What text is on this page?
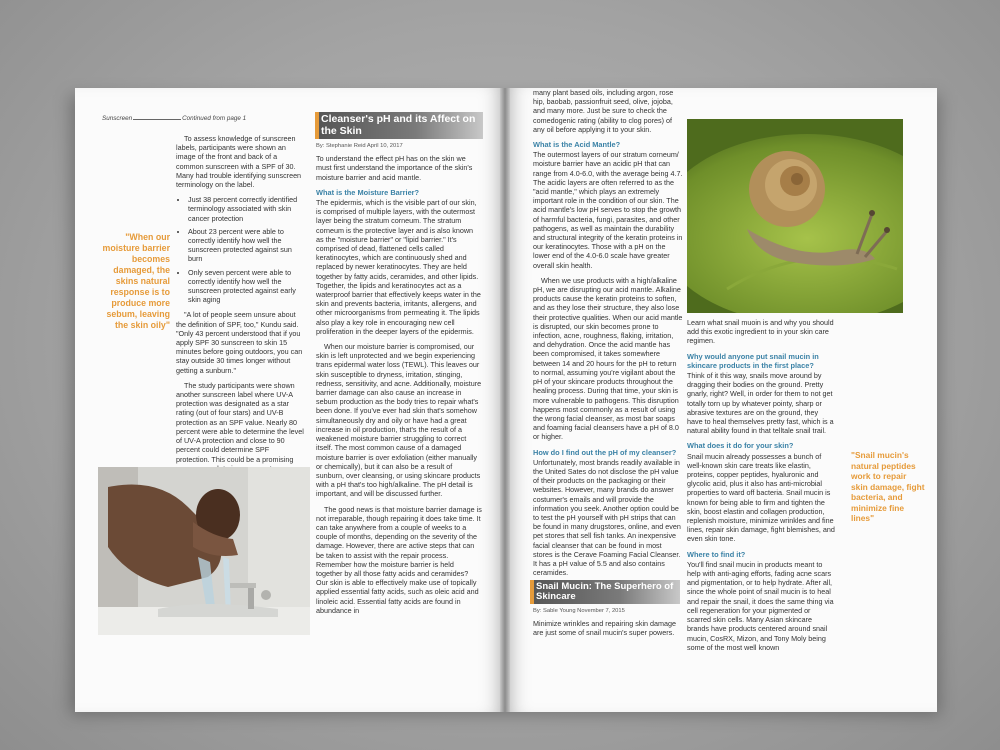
Sunscreen	Continued from page 1

To assess knowledge of sunscreen labels, participants were shown an image of the front and back of a common sunscreen with a SPF of 30. Many had trouble identifying sunscreen terminology on the label.

• Just 38 percent correctly identified terminology associated with skin cancer protection
• About 23 percent were able to correctly identify how well the sunscreen protected against sun burn
• Only seven percent were able to correctly identify how well the sunscreen protected against early skin aging

"A lot of people seem unsure about the definition of SPF, too," Kundu said. "Only 43 percent understood that if you apply SPF 30 sunscreen to skin 15 minutes before going outdoors, you can stay outside 30 times longer without getting a sunburn."

The study participants were shown another sunscreen label where UV-A protection was designated as a star rating (out of four stars) and UV-B protection as an SPF value. Nearly 80 percent were able to determine the level of UV-A protection and close to 90 percent could determine SPF protection. This could be a promising

"When our moisture barrier becomes damaged, the skins natural response is to produce more sebum, leaving the skin oily"
Cleanser's pH and its Affect on the Skin
By: Stephanie Reid April 10, 2017

To understand the effect pH has on the skin we must first understand the importance of the skin's moisture barrier and acid mantle.

What is the Moisture Barrier?

The epidermis, which is the visible part of our skin, is comprised of multiple layers, with the outermost layer being the stratum corneum. The stratum corneum is the protective layer and is also known as the "moisture barrier" or "lipid barrier." It's comprised of dead, flattened cells called keratinocytes, which are continuously shed and replaced by newer keratinocytes. They are held together by fatty acids, ceramides, and other lipids. Together, the lipids and keratinocytes act as a waterproof barrier that effectively keeps water in the skin and prevents bacteria, irritants, allergens, and other microorganisms from permeating it. The lipids also play a key role in encouraging new cell proliferation in the deeper layers of the epidermis.

When our moisture barrier is compromised, our skin is left unprotected and we begin experiencing trans epidermal water loss (TEWL). This leaves our skin susceptible to dryness, irritation, stinging, redness, sensitivity, and acne. Additionally, moisture barrier damage can also cause an increase in sebum production as the body tries to repair what's been done. If you've ever had skin that's somehow simultaneously dry and oily or have had a great increase in oil production, that's the result of a weakened moisture barrier struggling to correct itself. The most common cause of a damaged moisture barrier is over exfoliation (either manually or chemically), but it can also be a result of sunburn, over cleansing, or using skincare products with a pH that's too high/alkaline. The pH detail is important, and will be discussed further.

The good news is that moisture barrier damage is not irreparable, though repairing it does take time. It can take anywhere from a couple of weeks to a couple of months, depending on the severity of the damage. However, there are active steps that can be taken to assist with the repair process. Remember how the moisture barrier is held together by all those fatty acids and ceramides? Our skin is able to effectively make use of topically applied essential fatty acids, such as oleic acid and linoleic acid. Essential fatty acids are found in abundance in

many plant based oils, including argon, rose hip, baobab, passionfruit seed, olive, jojoba, and many more. Just be sure to check the comedogenic rating (ability to clog pores) of any oil before applying it to your skin.

What is the Acid Mantle?

The outermost layers of our stratum corneum/ moisture barrier have an acidic pH that can range from 4.0-6.0, with the average being 4.7. The acidic layers are often referred to as the "acid mantle," which plays an extremely important role in the condition of our skin. The acid mantle's low pH serves to stop the growth of harmful bacteria, fungi, parasites, and other pathogens, as well as maintain the durability and structural integrity of the keratin proteins in our keratinocytes. Those with a pH on the lower end of the 4.0-6.0 scale have greater overall skin health.

When we use products with a high/alkaline pH, we are disrupting our acid mantle. Alkaline products cause the keratin proteins to soften, and as they lose their structure, they also lose their protective qualities. When our acid mantle is disrupted, our skin becomes prone to infection, acne, roughness, flaking, irritation, and dehydration. Once the acid mantle has been compromised, it takes somewhere between 14 and 20 hours for the pH to return to normal, assuming you're vigilant about the pH of your skincare products throughout the healing process. During that time, your skin is more vulnerable to pathogens. This disruption happens most commonly as a result of using the wrong facial cleanser, as most bar soaps and foaming facial cleansers have a pH of 8.0 or higher.

How do I find out the pH of my cleanser?

Unfortunately, most brands readily available in the United Sates do not disclose the pH value of their products on the packaging or their websites. However, many brands do answer costumer's emails and will provide the information you seek. Another option could be to test the pH yourself with pH strips that can be found in many drugstores, online, and even pet stores that sell fish tanks. An inexpensive facial cleanser that can be found in most stores is the Cerave Foaming Facial Cleanser. It has a pH value of 5.5 and also contains ceramides.

Snail Mucin: The Superhero of Skincare
By: Sable Young November 7, 2015

Minimize wrinkles and repairing skin damage are just some of snail mucin's super powers.

Learn what snail muoin is and why you should add this exotic ingredient to in your skin care regimen.

Why would anyone put snail mucin in skincare products in the first place?

Think of it this way, snails move around by dragging their bodies on the ground. Pretty gnarly, right? Well, in order for them to not get totally torn up by whatever pointy, sharp or abrasive textures are on the ground, they have to heal themselves pretty fast, which is a natural ability found in that telltale snail trail.

What does it do for your skin?

Snail mucin already possesses a bunch of well-known skin care treats like elastin, proteins, copper peptides, hyaluronic and glycolic acid, plus it also has anti-microbial properties to ward off bacteria. Snail mucin is known for being able to firm and tighten the skin, boost elastin and collagen production, replenish moisture, minimize wrinkles and fine lines, repair skin damage, fight blemishes, and even skin tone.

Where to find it?

You'll find snail mucin in products meant to help with anti-aging efforts, fading acne scars and pigmentation, or to help hydrate. After all, since the whole point of snail mucin is to heal and repair the snail, it does the same thing via cell regeneration for your pigmented or scarred skin cells. Many Asian skincare brands have products centered around snail mucin, CosRX, Mizon, and Tony Moly being some of the most well known

"Snail mucin's natural peptides work to repair skin damage, fight bacteria, and minimize fine lines"
